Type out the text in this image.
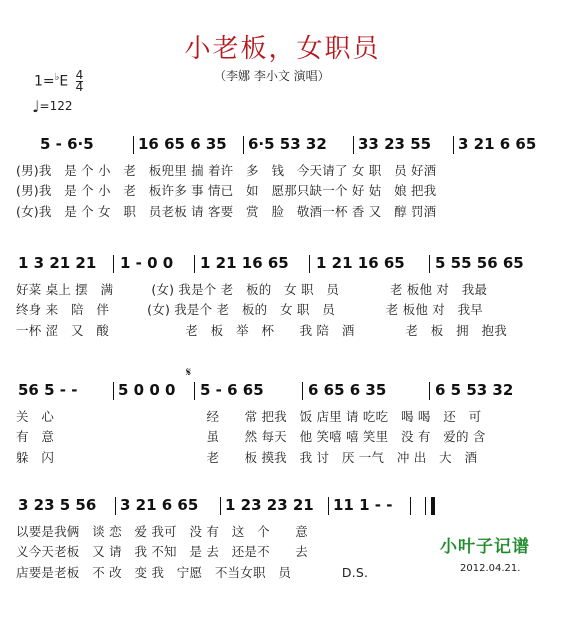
小老板，女职员
（李娜 李小文 演唱）
$1=^♭E \frac{4}{4}$
♩=122
5 - 6·5	16 65 6 35 6·5 53 32 33 23 55 3 21 6 65
(男)我　是 个 小　老　板兜里 揣 着许　多　钱　今天请了 女 职　员 好酒
(男)我　是 个 小　老　板许多 事 情已　如　愿那只缺一个 好 姑　娘 把我
(女)我　是 个 女　职　员老板 请 客要　赏　脸　敬酒一杯 香 又　醇 罚酒
1 3 21 21 1 - 0 0 1 21 16 65 1 21 16 65 5 55 56 65
好菜 桌上 摆　满　　　(女) 我是个 老　板的　女 职　员　　　　老 板他 对　我最
终身 来　陪　伴　　　(女) 我是个 老　板的　女 职　员　　　　老 板他 对　我早
一杯 涩　又　酸　　　　　　老　板　举　杯　　我 陪　酒　　　　老　板　拥　抱我
56 5 - -	5 0 0 0 5 - 6 65	6 65 6 35	6 5 53 32
𝄋
关　心　　　　　　　　　　　　经　　常 把我　饭 店里 请 吃吃　喝 喝　还　可
有　意　　　　　　　　　　　　虽　　然 每天　他 笑嘻 嘻 笑里　没 有　爱的 含
躲　闪　　　　　　　　　　　　老　　板 摸我　我 讨　厌 一气　冲 出　大　酒
3 23 5 56 3 21 6 65 1 23 23 21 11 1 - -
以要是我俩　谈 恋　爱 我可　没 有　这　个　　意
义今天老板　又 请　我 不知　是 去　还是不　　去
店要是老板　不 改　变 我　宁愿　不当女职　员　　　　D.S.
小叶子记谱
2012.04.21.
